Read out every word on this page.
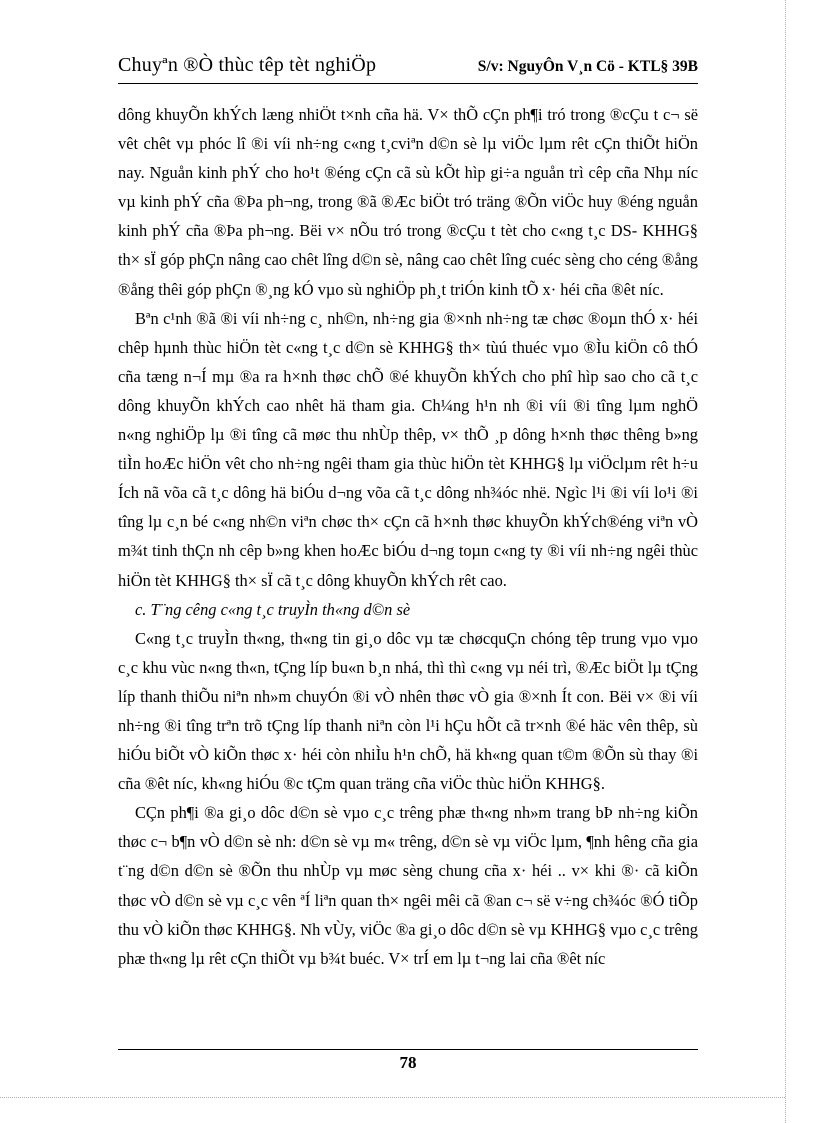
Chuyªn ®Ò thùc têp tèt nghiÖp	S/v: NguyÔn V¸n Cö - KTL§ 39B

dông khuyÕn khÝch læng nhiÖt t×nh cña hä. V× thÕ cÇn ph¶i tró trong ®cÇu t c¬ së vêt chêt vµ phóc lî ®i víi nh÷ng c«ng t¸cviªn d©n sè lµ viÖc lµm rêt cÇn thiÕt hiÖn nay. Nguån kinh phÝ cho ho¹t ®éng cÇn cã sù kÕt hìp gi÷a nguån trì cêp cña Nhµ níc vµ kinh phÝ cña ®Þa ph¬ng, trong ®ã ®Æc biÖt tró träng ®Õn viÖc huy ®éng nguån kinh phÝ cña ®Þa ph¬ng. Bëi v× nÕu tró trong ®cÇu t tèt cho c«ng t¸c DS- KHHG§ th× sÏ góp phÇn nâng cao chêt lîng d©n sè, nâng cao chêt lîng cuéc sèng cho céng ®ång ®ång thêi góp phÇn ®¸ng kÓ vµo sù nghiÖp ph¸t triÓn kinh tÕ x· héi cña ®êt níc.

Bªn c¹nh ®ã ®i víi nh÷ng c¸ nh©n, nh÷ng gia ®×nh nh÷ng tæ chøc ®oµn thÓ x· héi chêp hµnh thùc hiÖn tèt c«ng t¸c d©n sè KHHG§ th× tùú thuéc vµo ®Ìu kiÖn cô thÓ cña tæng n¬Í mµ ®a ra h×nh thøc chÕ ®é khuyÕn khÝch cho phî hìp sao cho cã t¸c dông khuyÕn khÝch cao nhêt hä tham gia. Ch¼ng h¹n nh ®i víi ®i tîng lµm nghÖ n«ng nghiÖp lµ ®i tîng cã møc thu nhÙp thêp, v× thÕ ¸p dông h×nh thøc thêng b»ng tiÌn hoÆc hiÖn vêt cho nh÷ng ngêi tham gia thùc hiÖn tèt KHHG§ lµ viÖclµm rêt h÷u Ích nã võa cã t¸c dông hä biÓu d¬ng võa cã t¸c dông nh¾óc nhë. Ngìc l¹i ®i víi lo¹i ®i tîng lµ c¸n bé c«ng nh©n viªn chøc th× cÇn cã h×nh thøc khuyÕn khÝch®éng viªn vÒ m¾t tinh thÇn nh cêp b»ng khen hoÆc biÓu d¬ng toµn c«ng ty ®i víi nh÷ng ngêi thùc hiÖn tèt KHHG§ th× sÏ cã t¸c dông khuyÕn khÝch rêt cao.

c. T¨ng cêng c«ng t¸c truyÌn th«ng d©n sè

C«ng t¸c truyÌn th«ng, th«ng tin gi¸o dôc vµ tæ chøcquÇn chóng têp trung vµo vµo c¸c khu vùc n«ng th«n, tÇng líp bu«n b¸n nhá, thì thì c«ng vµ néi trì, ®Æc biÖt lµ tÇng líp thanh thiÕu niªn nh»m chuyÓn ®i vÒ nhên thøc vÒ gia ®×nh Ít con. Bëi v× ®i víi nh÷ng ®i tîng trªn trõ tÇng líp thanh niªn còn l¹i hÇu hÕt cã tr×nh ®é häc vên thêp, sù hiÓu biÕt vÒ kiÕn thøc x· héi còn nhiÌu h¹n chÕ, hä kh«ng quan t©m ®Õn sù thay ®i cña ®êt níc, kh«ng hiÓu ®c tÇm quan träng cña viÖc thùc hiÖn KHHG§.

CÇn ph¶i ®a gi¸o dôc d©n sè vµo c¸c trêng phæ th«ng nh»m trang bÞ nh÷ng kiÕn thøc c¬ b¶n vÒ d©n sè nh: d©n sè vµ m« trêng, d©n sè vµ viÖc lµm, ¶nh hêng cña gia t¨ng d©n d©n sè ®Õn thu nhÙp vµ møc sèng chung cña x· héi .. v× khi ®· cã kiÕn thøc vÒ d©n sè vµ c¸c vên ªÍ liªn quan th× ngêi mêi cã ®an c¬ së v÷ng ch¾óc ®Ó tiÕp thu vÒ kiÕn thøc KHHG§. Nh vÙy, viÖc ®a gi¸o dôc d©n sè vµ KHHG§ vµo c¸c trêng phæ th«ng lµ rêt cÇn thiÕt vµ b¾t buéc. V× trÍ em lµ t¬ng lai cña ®êt níc

78
